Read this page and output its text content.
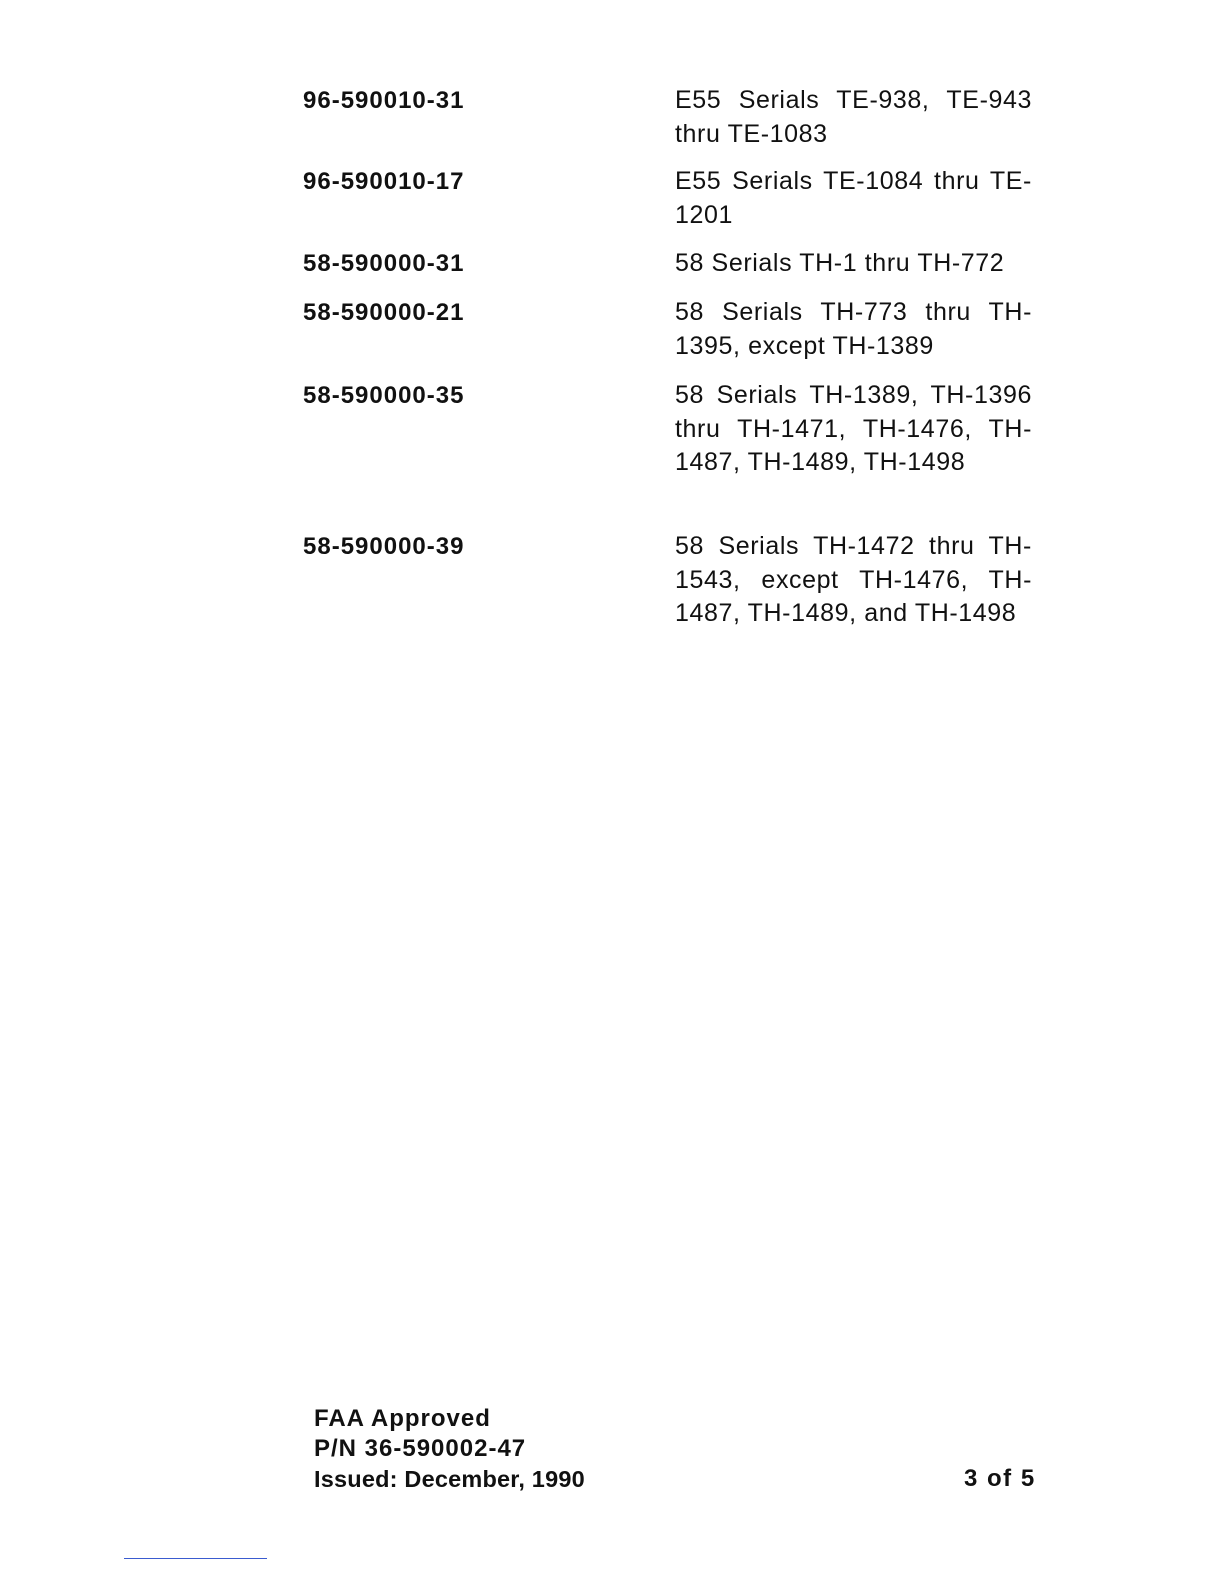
96-590010-31	E55 Serials TE-938, TE-943 thru TE-1083
96-590010-17	E55 Serials TE-1084 thru TE-1201
58-590000-31	58 Serials TH-1 thru TH-772
58-590000-21	58 Serials TH-773 thru TH-1395, except TH-1389
58-590000-35	58 Serials TH-1389, TH-1396 thru TH-1471, TH-1476, TH-1487, TH-1489, TH-1498
58-590000-39	58 Serials TH-1472 thru TH-1543, except TH-1476, TH-1487, TH-1489, and TH-1498
FAA Approved
P/N 36-590002-47
Issued: December, 1990	3 of 5
